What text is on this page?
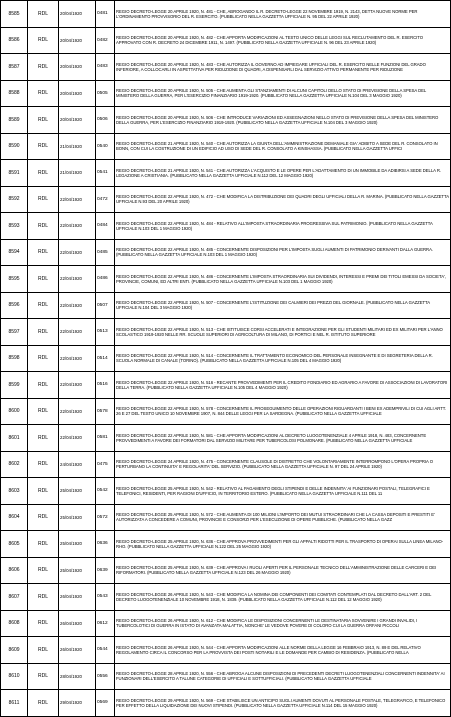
8585	RDL	20/04/1920	0481	REGIO DECRETO-LEGGE 20 APRILE 1920, N. 481 - CHE, ABROGANDO IL R. DECRETO-LEGGE 22 NOVEMBRE 1919, N. 2143, DETTA NUOVE NORME PER L'ORDINAMENTO PROVVISORIO DEL R. ESERCITO. (PUBBLICATO NELLA GAZZETTA UFFICIALE N. 95 DEL 22 APRILE 1920)

8586	RDL	20/04/1920	0482	REGIO DECRETO-LEGGE 20 APRILE 1920, N. 482 - CHE APPORTA MODIFICAZIONI AL TESTO UNICO DELLE LEGGI SUL RECLUTAMENTO DEL R. ESERCITO APPROVATO CON R. DECRETO 24 DICEMBRE 1911, N. 1497. (PUBBLICATO NELLA GAZZETTA UFFICIALE N. 96 DEL 23 APRILE 1920)

8587	RDL	20/04/1920	0483	REGIO DECRETO-LEGGE 20 APRILE 1920, N. 483 - CHE AUTORIZZA IL GOVERNO AD IMPIEGARE UFFICIALI DEL R. ESERCITO NELLE FUNZIONI DEL GRADO INFERIORE, A COLLOCARLI IN ASPETTATIVA PER RIDUZIONE DI QUADRI, A DISPENSARLI DAL SERVIZIO ATTIVO PERMANENTE PER RIDUZIONE

8588	RDL	20/04/1920	0505	REGIO DECRETO-LEGGE 20 APRILE 1920, N. 505 - CHE AUMENTA GLI STANZIAMENTI DI ALCUNI CAPITOLI DELLO STATO DI PREVISIONE DELLA SPESA DEL MINISTERO DELLA GUERRA, PER L'ESERCIZIO FINANZIARIO 1919-1920. (PUBBLICATO NELLA GAZZETTA UFFICIALE N.104 DEL 3 MAGGIO 1920)

8589	RDL	20/04/1920	0506	REGIO DECRETO-LEGGE 20 APRILE 1920, N. 506 - CHE INTRODUCE VARIAZIONI ED ASSEGNAZIONI NELLO STATO DI PREVISIONE DELLA SPESA DEL MINISTERO DELLA GUERRA, PER L'ESERCIZIO FINANZIARIO 1919-1920. (PUBBLICATO NELLA GAZZETTA UFFICIALE N.104 DEL 3 MAGGIO 1920)

8590	RDL	21/04/1920	0540	REGIO DECRETO-LEGGE 21 APRILE 1920, N. 540 - CHE AUTORIZZA LA GIUNTA DELL'AMMINISTRAZIONE DEMANIALE GIA' ADIBITO A SEDE DEL R. CONSOLATO IN BONN, CON CUI LA COSTRUZIONE DI UN EDIFICIO AD USO DI SEDE DEL R. CONSOLATO A KINSHASSA. (PUBBLICATO NELLA GAZZETTA UFFICI

8591	RDL	21/04/1920	0541	REGIO DECRETO-LEGGE 21 APRILE 1920, N. 541 - CHE AUTORIZZA L'ACQUISTO E LE OPERE PER L'ADATTAMENTO DI UN IMMOBILE DA ADIBIRSI A SEDE DELLA R. LEGAZIONE A CRISTIANIA. (PUBBLICATO NELLA GAZZETTA UFFICIALE N.112 DEL 12 MAGGIO 1920)

8592	RDL	22/04/1920	0472	REGIO DECRETO-LEGGE 22 APRILE 1920, N. 472 - CHE MODIFICA LA DISTRIBUZIONE DEI QUADRI DEGLI UFFICIALI DELLA R. MARINA. (PUBBLICATO NELLA GAZZETTA UFFICIALE N.93 DEL 20 APRILE 1920)

8593	RDL	22/04/1920	0484	REGIO DECRETO-LEGGE 22 APRILE 1920, N. 484 - RELATIVO ALL'IMPOSTA STRAORDINARIA PROGRESSIVA SUL PATRIMONIO. (PUBBLICATO NELLA GAZZETTA UFFICIALE N.103 DEL 1 MAGGIO 1920)

8594	RDL	22/04/1920	0485	REGIO DECRETO-LEGGE 22 APRILE 1920, N. 485 - CONCERNENTE DISPOSIZIONI PER L'IMPOSTA SUGLI AUMENTI DI PATRIMONIO DERIVANTI DALLA GUERRA. (PUBBLICATO NELLA GAZZETTA UFFICIALE N.103 DEL 1 MAGGIO 1920)

8595	RDL	22/04/1920	0486	REGIO DECRETO-LEGGE 22 APRILE 1920, N. 486 - CONCERNENTE L'IMPOSTA STRAORDINARIA SUI DIVIDENDI, INTERESSI E PREMI DEI TITOLI EMESSI DA SOCIETA', PROVINCIE, COMUNI, ED ALTRI ENTI. (PUBBLICATO NELLA GAZZETTA UFFICIALE N.103 DEL 1 MAGGIO 1920)

8596	RDL	22/04/1920	0507	REGIO DECRETO-LEGGE 22 APRILE 1920, N. 507 - CONCERNENTE L'ISTITUZIONE DEI CALMIERI DEI PREZZI DEL GIORNALE. (PUBBLICATO NELLA GAZZETTA UFFICIALE N.104 DEL 3 MAGGIO 1920)

8597	RDL	22/04/1920	0513	REGIO DECRETO-LEGGE 22 APRILE 1920, N. 513 - CHE ISTITUISCE CORSI ACCELERATI E INTEGRAZIONE PER GLI STUDENTI MILITARI ED EX MILITARI PER L'ANNO SCOLASTICO 1919-1920 NELLE RR. SCUOLE SUPERIORI DI AGRICOLTURA DI MILANO, DI PORTICI E NEL R. ISTITUTO SUPERIORE

8598	RDL	22/04/1920	0514	REGIO DECRETO-LEGGE 22 APRILE 1920, N. 514 - CONCERNENTE IL TRATTAMENTO ECONOMICO DEL PERSONALE INSEGNANTE E DI SEGRETERIA DELLA R. SCUOLA NORMALE DI CANALE (TORINO). (PUBBLICATO NELLA GAZZETTA UFFICIALE N.105 DEL 4 MAGGIO 1920)

8599	RDL	22/04/1920	0516	REGIO DECRETO-LEGGE 22 APRILE 1920, N. 516 - RECANTE PROVVEDIMENTI PER IL CREDITO FONDIARIO ED AGRARIO A FAVORE DI ASSOCIAZIONI DI LAVORATORI DELLA TERRA. (PUBBLICATO NELLA GAZZETTA UFFICIALE N.105 DEL 4 MAGGIO 1920)

8600	RDL	22/04/1920	0578	REGIO DECRETO-LEGGE 22 APRILE 1920, N. 578 - CONCERNENTE IL PROSEGUIMENTO DELLE OPERAZIONI RIGUARDANTI I BENI EX ADEMPRIVILI DI CUI AGLI ARTT. 26 E 27 DEL TESTO UNICO 10 NOVEMBRE 1907, N. 844 DELLE LEGGI PER LA SARDEGNA. (PUBBLICATO NELLA GAZZETTA UFFICIALE

8601	RDL	22/04/1920	0581	REGIO DECRETO-LEGGE 22 APRILE 1920, N. 581 - CHE APPORTA MODIFICAZIONI AL DECRETO LUOGOTENENZIALE 4 APRILE 1918, N. 483, CONCERNENTE PROVVEDIMENTI A FAVORE DEI FORMATORI DAL SERVIZIO MILITARE PER TUBERCOLOSI POLMONARE. (PUBBLICATO NELLA GAZZETTA UFFICIALE

8602	RDL	24/04/1920	0475	REGIO DECRETO-LEGGE 24 APRILE 1920, N. 475 - CONCERNENTE CLAUSOLE DI DISTRETTO CHE VOLONTARIAMENTE INTERROMPONO L'OPERA PROPRIA O PERTURBANO LA CONTINUITA' E REGOLARITA' DEL SERVIZIO. (PUBBLICATO NELLA GAZZETTA UFFICIALE N. 97 DEL 24 APRILE 1920)

8603	RDL	25/04/1920	0542	REGIO DECRETO-LEGGE 25 APRILE 1920, N. 542 - RELATIVO AL PAGAMENTO DEGLI STIPENDI E DELLE INDENNITA' AI FUNZIONARI POSTALI, TELEGRAFICI E TELEFONICI, RESIDENTI, PER RAGIONI D'UFFICIO, IN TERRITORIO ESTERO. (PUBBLICATO NELLA GAZZETTA UFFICIALE N.111 DEL 11

8604	RDL	25/04/1920	0572	REGIO DECRETO-LEGGE 25 APRILE 1920, N. 572 - CHE AUMENTA DI 100 MILIONI L'IMPORTO DEI MUTUI STRAORDINARI CHE LA CASSA DEPOSITI E PRESTITI E' AUTORIZZATA A CONCEDERE A COMUNI, PROVINCIE E CONSORZI PER L'ESECUZIONE DI OPERE PUBBLICHE. (PUBBLICATO NELLA GAZZ

8605	RDL	25/04/1920	0636	REGIO DECRETO-LEGGE 25 APRILE 1920, N. 636 - CHE APPROVA PROVVEDIMENTI PER GLI APPALTI RIDOTTI PER IL TRASPORTO DI OPERAI SULLA LINEA MILANO-RHO. (PUBBLICATO NELLA GAZZETTA UFFICIALE N.122 DEL 25 MAGGIO 1920)

8606	RDL	25/04/1920	0639	REGIO DECRETO-LEGGE 25 APRILE 1920, N. 639 - CHE APPROVA I RUOLI APERTI PER IL PERSONALE TECNICO DELL'AMMINISTRAZIONE DELLE CARCERI E DEI RIFORMATORI. (PUBBLICATO NELLA GAZZETTA UFFICIALE N.123 DEL 26 MAGGIO 1920)

8607	RDL	26/04/1920	0543	REGIO DECRETO-LEGGE 26 APRILE 1920, N. 543 - CHE MODIFICA LA NOMINA DEI COMPONENTI DEI COMITATI CONTEMPLATI DAL DECRETO DALL'ART. 2 DEL DECRETO LUOGOTENENZIALE 10 NOVEMBRE 1918, N. 1839. (PUBBLICATO NELLA GAZZETTA UFFICIALE N.112 DEL 12 MAGGIO 1920)

8608	RDL	26/04/1920	0612	REGIO DECRETO-LEGGE 26 APRILE 1920, N. 612 - CHE MODIFICA LE DISPOSIZIONI CONCERNENTI LE DESTINATARIA SOVVENIRE I GRANDI INVALIDI, I TUBERCOLOTICI DI GUERRA IN ISTATO DI AVANZATA MALATTIA, NONCHE' LE VEDOVE POVERE DI COLORO CUI LA GUERRA ORFANI PICCOLI

8609	RDL	26/04/1920	0544	REGIO DECRETO-LEGGE 26 APRILE 1920, N. 544 - CHE APPORTA MODIFICAZIONI ALLE NORME DELLA LEGGE 16 FEBBRAIO 1913, N. 89 E DEL RELATIVO REGOLAMENTO CIRCA IL CONCORSO PER LA PROVVISTA DEI POSTI NOTARILI E LE DOMANDE PER CAMBIO DI RESIDENZA. (PUBBLICATO NELLA

8610	RDL	28/04/1920	0556	REGIO DECRETO-LEGGE 28 APRILE 1920, N. 556 - CHE ABROGA ALCUNE DISPOSIZIONI DI PRECEDENTI DECRETI LUOGOTENENZIALI CONCERNENTI INDENNITA' AI FUNZIONARI DELL'ESERCITO A TALUNE CATEGORIE DI UFFICIALI E SOTTUFFICIALI. (PUBBLICATO NELLA GAZZETTA UFFICIALE

8611	RDL	29/04/1920	0569	REGIO DECRETO-LEGGE 29 APRILE 1920, N. 569 - CHE STABILISCE UN ANTICIPO SUGLI AUMENTI DOVUTI AL PERSONALE POSTALE, TELEGRAFICO, E TELEFONICO PER EFFETTO DELLA LIQUIDAZIONE DEI NUOVI STIPENDI. (PUBBLICATO NELLA GAZZETTA UFFICIALE N.114 DEL 15 MAGGIO 1920)
